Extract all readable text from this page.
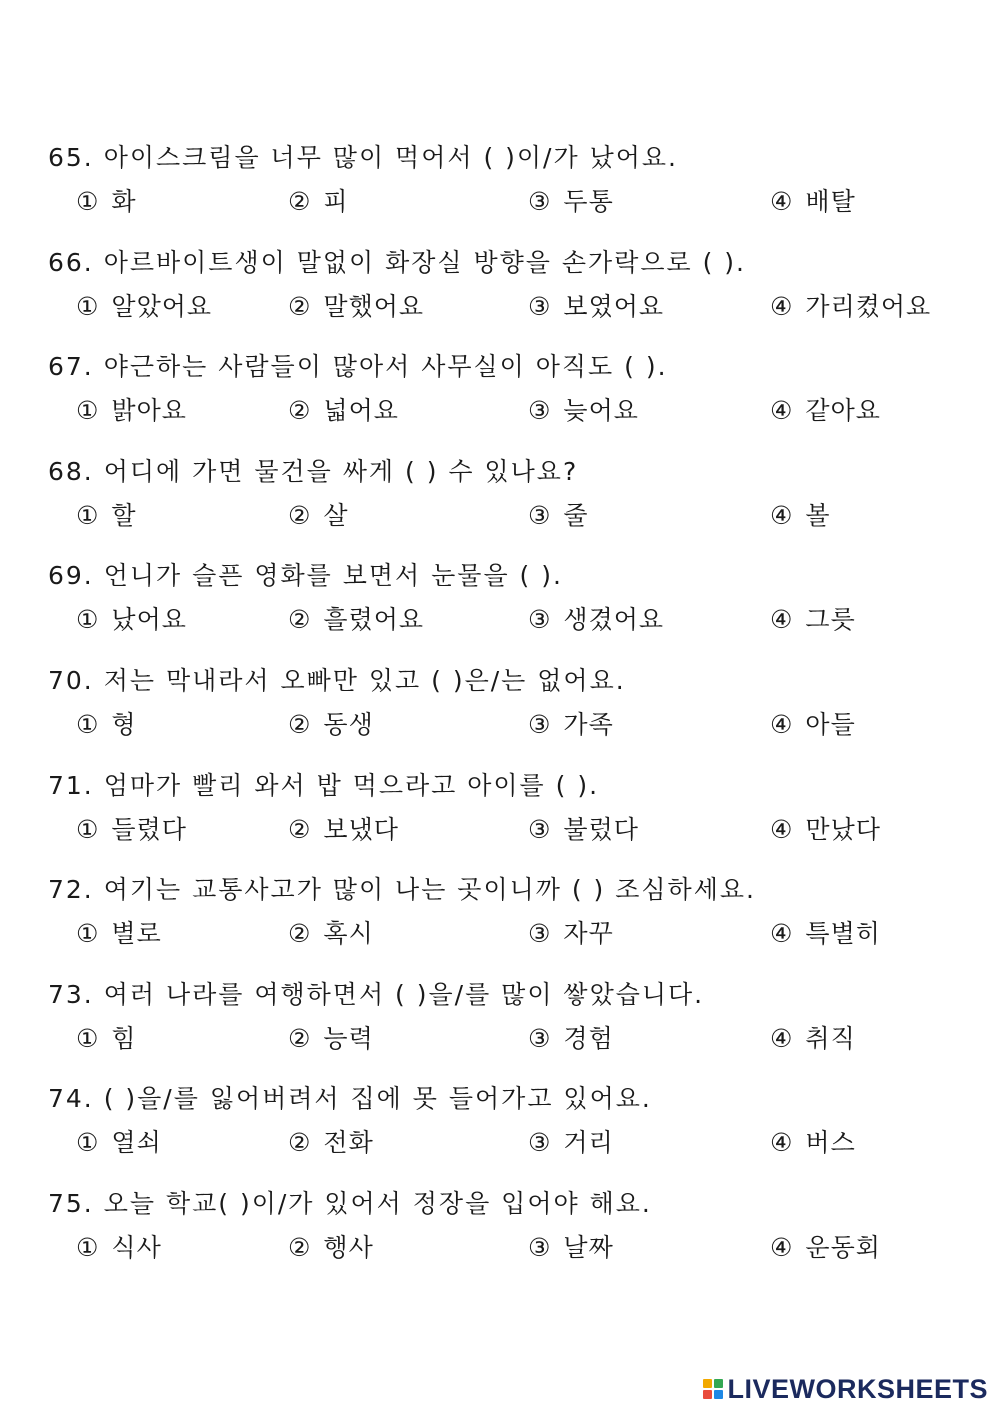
65. 아이스크림을 너무 많이 먹어서 ( )이/가 났어요.
① 화	② 피	③ 두통	④ 배탈
66. 아르바이트생이 말없이 화장실 방향을 손가락으로 ( ).
① 알았어요	② 말했어요	③ 보였어요	④ 가리켰어요
67. 야근하는 사람들이 많아서 사무실이 아직도 ( ).
① 밝아요	② 넓어요	③ 늦어요	④ 같아요
68. 어디에 가면 물건을 싸게 ( ) 수 있나요?
① 할	② 살	③ 줄	④ 볼
69. 언니가 슬픈 영화를 보면서 눈물을 ( ).
① 났어요	② 흘렸어요	③ 생겼어요	④ 그릇
70. 저는 막내라서 오빠만 있고 ( )은/는 없어요.
① 형	② 동생	③ 가족	④ 아들
71. 엄마가 빨리 와서 밥 먹으라고 아이를 ( ).
① 들렸다	② 보냈다	③ 불렀다	④ 만났다
72. 여기는 교통사고가 많이 나는 곳이니까 ( ) 조심하세요.
① 별로	② 혹시	③ 자꾸	④ 특별히
73. 여러 나라를 여행하면서 ( )을/를 많이 쌓았습니다.
① 힘	② 능력	③ 경험	④ 취직
74. ( )을/를 잃어버려서 집에 못 들어가고 있어요.
① 열쇠	② 전화	③ 거리	④ 버스
75. 오늘 학교( )이/가 있어서 정장을 입어야 해요.
① 식사	② 행사	③ 날짜	④ 운동회
LIVEWORKSHEETS
